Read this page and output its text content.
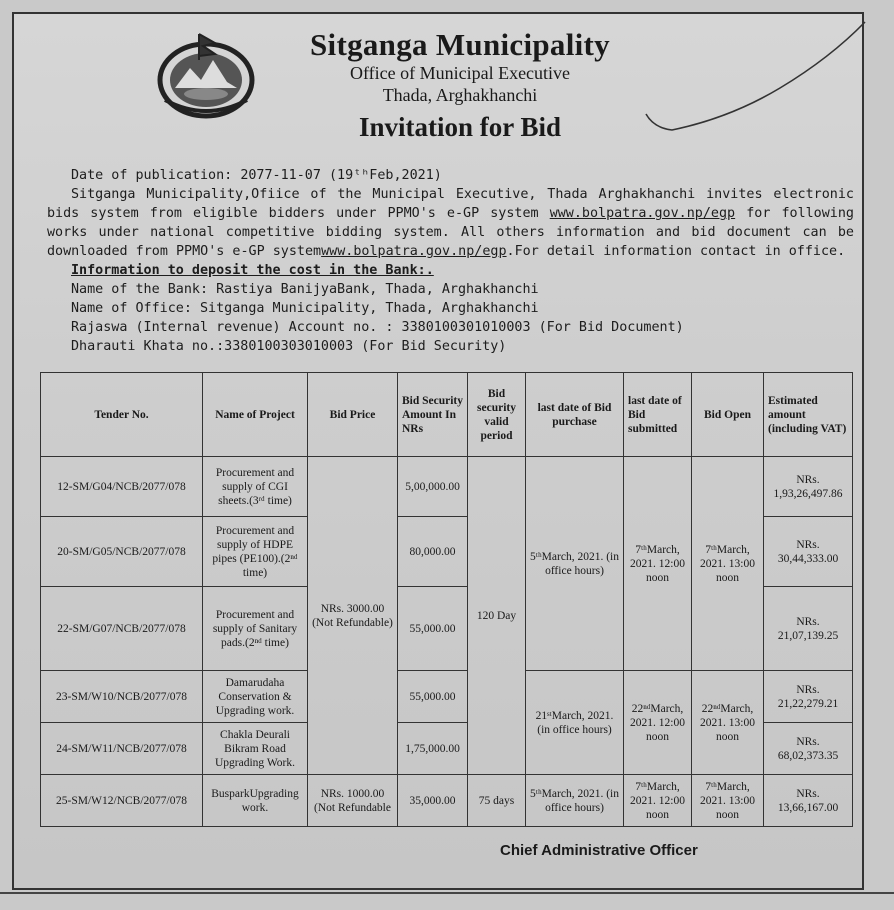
Sitganga Municipality
Office of Municipal Executive
Thada, Arghakhanchi
Invitation for Bid

Date of publication: 2077-11-07 (19ᵗʰFeb,2021)

Sitganga Municipality,Ofiice of the Municipal Executive, Thada Arghakhanchi invites electronic bids system from eligible bidders under PPMO's e-GP system www.bolpatra.gov.np/egp for following works under national competitive bidding system. All others information and bid document can be downloaded from PPMO's e-GP systemwww.bolpatra.gov.np/egp.For detail information contact in office.

Information to deposit the cost in the Bank:.

Name of the Bank: Rastiya BanijyaBank, Thada, Arghakhanchi

Name of Office: Sitganga Municipality, Thada, Arghakhanchi

Rajaswa (Internal revenue) Account no. : 3380100301010003 (For Bid Document)

Dharauti Khata no.:3380100303010003 (For Bid Security)

Tender No.	Name of Project	Bid Price	Bid Security Amount In NRs	Bid security valid period	last date of Bid purchase	last date of Bid submitted	Bid Open	Estimated amount (including VAT)
12-SM/G04/NCB/2077/078	Procurement and supply of CGI sheets.(3ʳᵈ time)	NRs. 3000.00 (Not Refundable)	5,00,000.00	120 Day	5ᵗʰMarch, 2021. (in office hours)	7ᵗʰMarch, 2021. 12:00 noon	7ᵗʰMarch, 2021. 13:00 noon	NRs. 1,93,26,497.86
20-SM/G05/NCB/2077/078	Procurement and supply of HDPE pipes (PE100).(2ⁿᵈ time)		80,000.00					NRs. 30,44,333.00
22-SM/G07/NCB/2077/078	Procurement and supply of Sanitary pads.(2ⁿᵈ time)		55,000.00					NRs. 21,07,139.25
23-SM/W10/NCB/2077/078	Damarudaha Conservation & Upgrading work.		55,000.00		21ˢᵗMarch, 2021. (in office hours)	22ⁿᵈMarch, 2021. 12:00 noon	22ⁿᵈMarch, 2021. 13:00 noon	NRs. 21,22,279.21
24-SM/W11/NCB/2077/078	Chakla Deurali Bikram Road Upgrading Work.		1,75,000.00					NRs. 68,02,373.35
25-SM/W12/NCB/2077/078	BusparkUpgrading work.	NRs. 1000.00 (Not Refundable	35,000.00	75 days	5ᵗʰMarch, 2021. (in office hours)	7ᵗʰMarch, 2021. 12:00 noon	7ᵗʰMarch, 2021. 13:00 noon	NRs. 13,66,167.00
Chief Administrative Officer
